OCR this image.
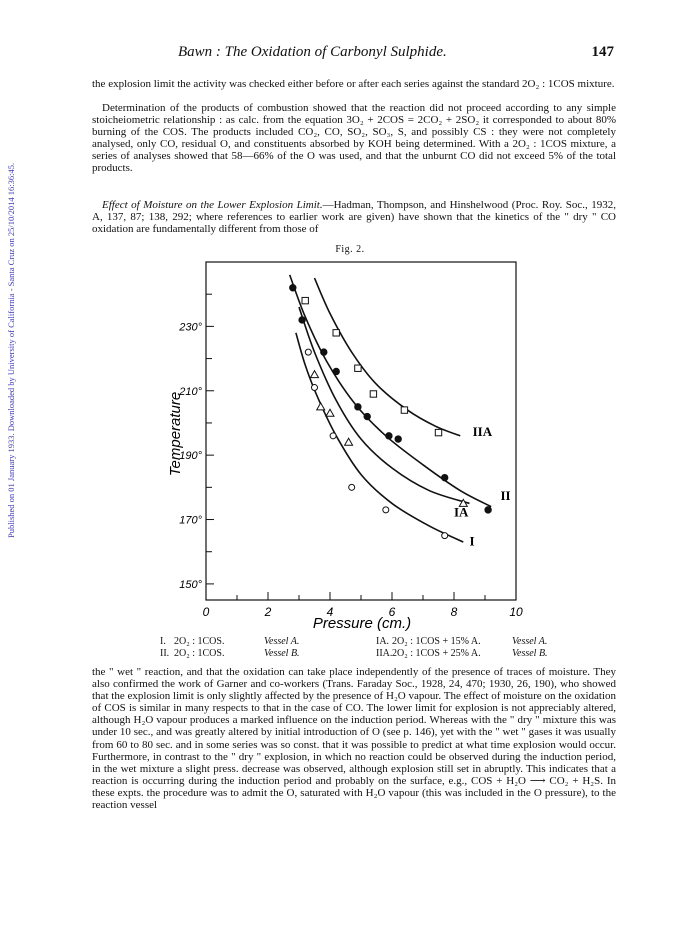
Published on 01 January 1933. Downloaded by University of California - Santa Cruz on 25/10/2014 16:36:45.
Bawn : The Oxidation of Carbonyl Sulphide.	147

the explosion limit the activity was checked either before or after each series against the standard 2O₂ : 1COS mixture.

Determination of the products of combustion showed that the reaction did not proceed according to any simple stoicheiometric relationship : as calc. from the equation 3O₂ + 2COS = 2CO₂ + 2SO₂ it corresponded to about 80% burning of the COS. The products included CO₂, CO, SO₂, SO₃, S, and possibly CS : they were not completely analysed, only CO, residual O, and constituents absorbed by KOH being determined. With a 2O₂ : 1COS mixture, a series of analyses showed that 58—66% of the O was used, and that the unburnt CO did not exceed 5% of the total products.

Effect of Moisture on the Lower Explosion Limit.—Hadman, Thompson, and Hinshelwood (Proc. Roy. Soc., 1932, A, 137, 87; 138, 292; where references to earlier work are given) have shown that the kinetics of the " dry " CO oxidation are fundamentally different from those of

Fig. 2.
150°
170°
190°
210°
230°
0	2	4	6	8	10
IIA
II
IA
I
Temperature
Pressure (cm.)
I. 2O₂ : 1COS.	Vessel A.	IA. 2O₂ : 1COS + 15% A.	Vessel A.
II. 2O₂ : 1COS.	Vessel B.	IIA. 2O₂ : 1COS + 25% A.	Vessel B.

the " wet " reaction, and that the oxidation can take place independently of the presence of traces of moisture. They also confirmed the work of Garner and co-workers (Trans. Faraday Soc., 1928, 24, 470; 1930, 26, 190), who showed that the explosion limit is only slightly affected by the presence of H₂O vapour. The effect of moisture on the oxidation of COS is similar in many respects to that in the case of CO. The lower limit for explosion is not appreciably altered, although H₂O vapour produces a marked influence on the induction period. Whereas with the " dry " mixture this was under 10 sec., and was greatly altered by initial introduction of O (see p. 146), yet with the " wet " gases it was usually from 60 to 80 sec. and in some series was so const. that it was possible to predict at what time explosion would occur. Furthermore, in contrast to the " dry " explosion, in which no reaction could be observed during the induction period, in the wet mixture a slight press. decrease was observed, although explosion still set in abruptly. This indicates that a reaction is occurring during the induction period and probably on the surface, e.g., COS + H₂O ⟶ CO₂ + H₂S. In these expts. the procedure was to admit the O, saturated with H₂O vapour (this was included in the O pressure), to the reaction vessel
